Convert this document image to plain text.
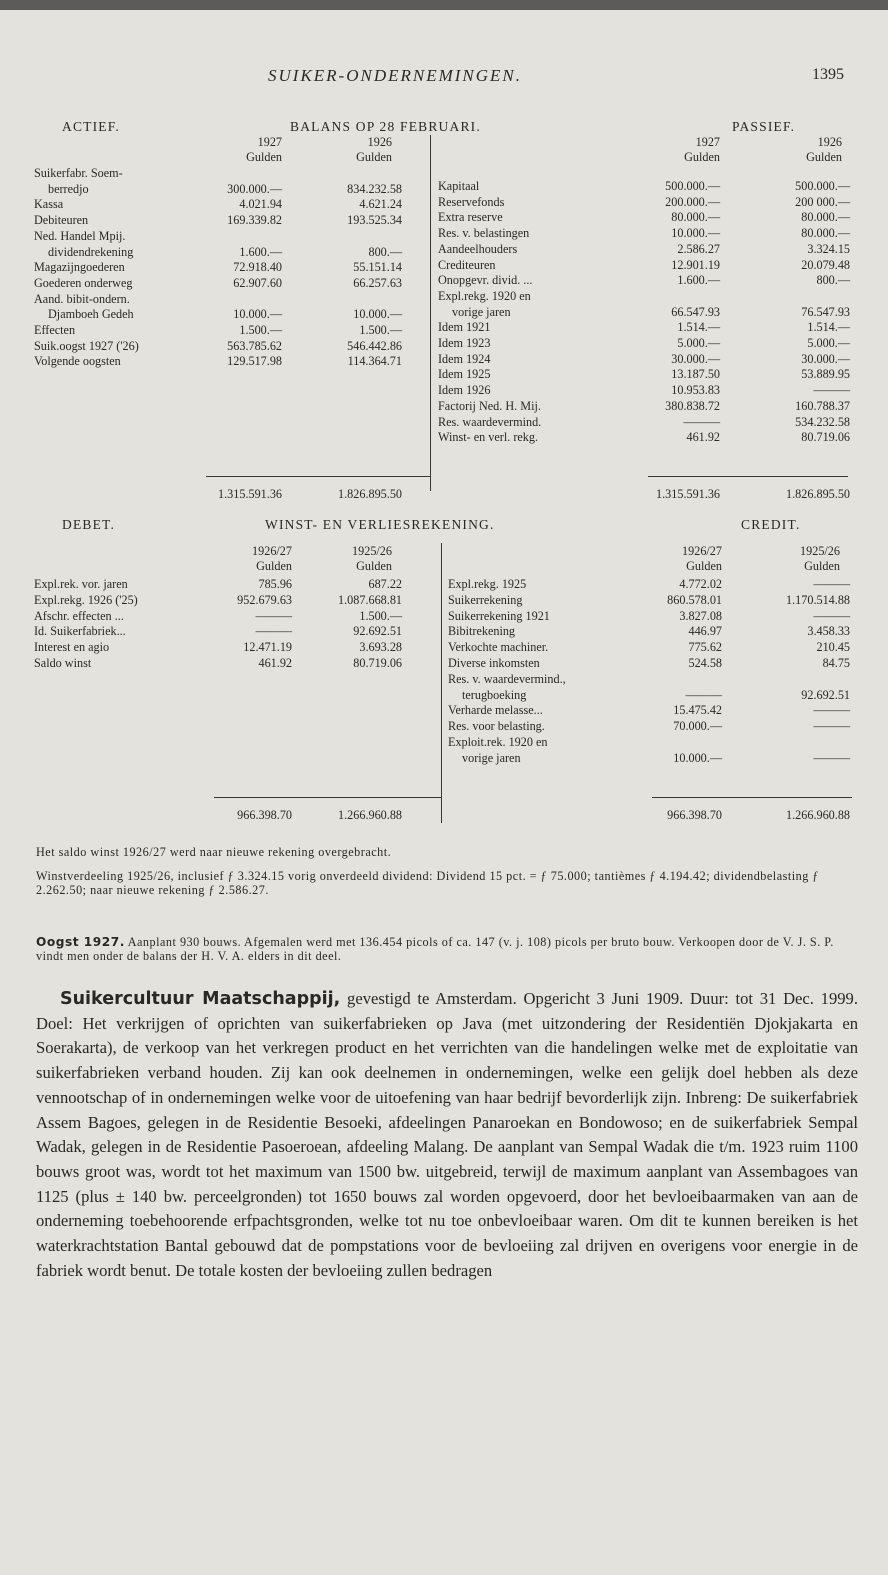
SUIKER-ONDERNEMINGEN.	1395
ACTIEF.	BALANS OP 28 FEBRUARI.	PASSIEF.
1927	1926
Gulden	Gulden
1927	1926
Gulden	Gulden
Suikerfabr. Soem-
berredjo	300.000.—	834.232.58
Kassa	4.021.94	4.621.24
Debiteuren	169.339.82	193.525.34
Ned. Handel Mpij.
dividendrekening	1.600.—	800.—
Magazijngoederen	72.918.40	55.151.14
Goederen onderweg	62.907.60	66.257.63
Aand. bibit-ondern.
Djamboeh Gedeh	10.000.—	10.000.—
Effecten	1.500.—	1.500.—
Suik.oogst 1927 ('26)	563.785.62	546.442.86
Volgende oogsten	129.517.98	114.364.71
Kapitaal	500.000.—	500.000.—
Reservefonds	200.000.—	200 000.—
Extra reserve	80.000.—	80.000.—
Res. v. belastingen	10.000.—	80.000.—
Aandeelhouders	2.586.27	3.324.15
Crediteuren	12.901.19	20.079.48
Onopgevr. divid. ...	1.600.—	800.—
Expl.rekg. 1920 en
vorige jaren	66.547.93	76.547.93
Idem 1921	1.514.—	1.514.—
Idem 1923	5.000.—	5.000.—
Idem 1924	30.000.—	30.000.—
Idem 1925	13.187.50	53.889.95
Idem 1926	10.953.83	———
Factorij Ned. H. Mij.	380.838.72	160.788.37
Res. waardevermind.	———	534.232.58
Winst- en verl. rekg.	461.92	80.719.06
1.315.591.36	1.826.895.50	1.315.591.36	1.826.895.50
DEBET.	WINST- EN VERLIESREKENING.	CREDIT.
1926/27	1925/26
Gulden	Gulden
1926/27	1925/26
Gulden	Gulden
Expl.rek. vor. jaren	785.96	687.22
Expl.rekg. 1926 ('25)	952.679.63	1.087.668.81
Afschr. effecten ...	———	1.500.—
Id. Suikerfabriek...	———	92.692.51
Interest en agio	12.471.19	3.693.28
Saldo winst	461.92	80.719.06
Expl.rekg. 1925	4.772.02	———
Suikerrekening	860.578.01	1.170.514.88
Suikerrekening 1921	3.827.08	———
Bibitrekening	446.97	3.458.33
Verkochte machiner.	775.62	210.45
Diverse inkomsten	524.58	84.75
Res. v. waardevermind.,
terugboeking	———	92.692.51
Verharde melasse...	15.475.42	———
Res. voor belasting.	70.000.—	———
Exploit.rek. 1920 en
vorige jaren	10.000.—	———
966.398.70	1.266.960.88	966.398.70	1.266.960.88
Het saldo winst 1926/27 werd naar nieuwe rekening overgebracht.
Winstverdeeling 1925/26, inclusief ƒ 3.324.15 vorig onverdeeld dividend: Dividend 15 pct. = ƒ 75.000; tantièmes ƒ 4.194.42; dividendbelasting ƒ 2.262.50; naar nieuwe rekening ƒ 2.586.27.
Oogst 1927. Aanplant 930 bouws. Afgemalen werd met 136.454 picols of ca. 147 (v. j. 108) picols per bruto bouw. Verkoopen door de V. J. S. P. vindt men onder de balans der H. V. A. elders in dit deel.
Suikercultuur Maatschappij, gevestigd te Amsterdam. Opgericht 3 Juni 1909. Duur: tot 31 Dec. 1999. Doel: Het verkrijgen of oprichten van suikerfabrieken op Java (met uitzondering der Residentiën Djokjakarta en Soerakarta), de verkoop van het verkregen product en het verrichten van die handelingen welke met de exploitatie van suikerfabrieken verband houden. Zij kan ook deelnemen in ondernemingen, welke een gelijk doel hebben als deze vennootschap of in ondernemingen welke voor de uitoefening van haar bedrijf bevorderlijk zijn. Inbreng: De suikerfabriek Assem Bagoes, gelegen in de Residentie Besoeki, afdeelingen Panaroekan en Bondowoso; en de suikerfabriek Sempal Wadak, gelegen in de Residentie Pasoeroean, afdeeling Malang. De aanplant van Sempal Wadak die t/m. 1923 ruim 1100 bouws groot was, wordt tot het maximum van 1500 bw. uitgebreid, terwijl de maximum aanplant van Assembagoes van 1125 (plus ± 140 bw. perceelgronden) tot 1650 bouws zal worden opgevoerd, door het bevloeibaarmaken van aan de onderneming toebehoorende erfpachtsgronden, welke tot nu toe onbevloeibaar waren. Om dit te kunnen bereiken is het waterkrachtstation Bantal gebouwd dat de pompstations voor de bevloeiing zal drijven en overigens voor energie in de fabriek wordt benut. De totale kosten der bevloeiing zullen bedragen
